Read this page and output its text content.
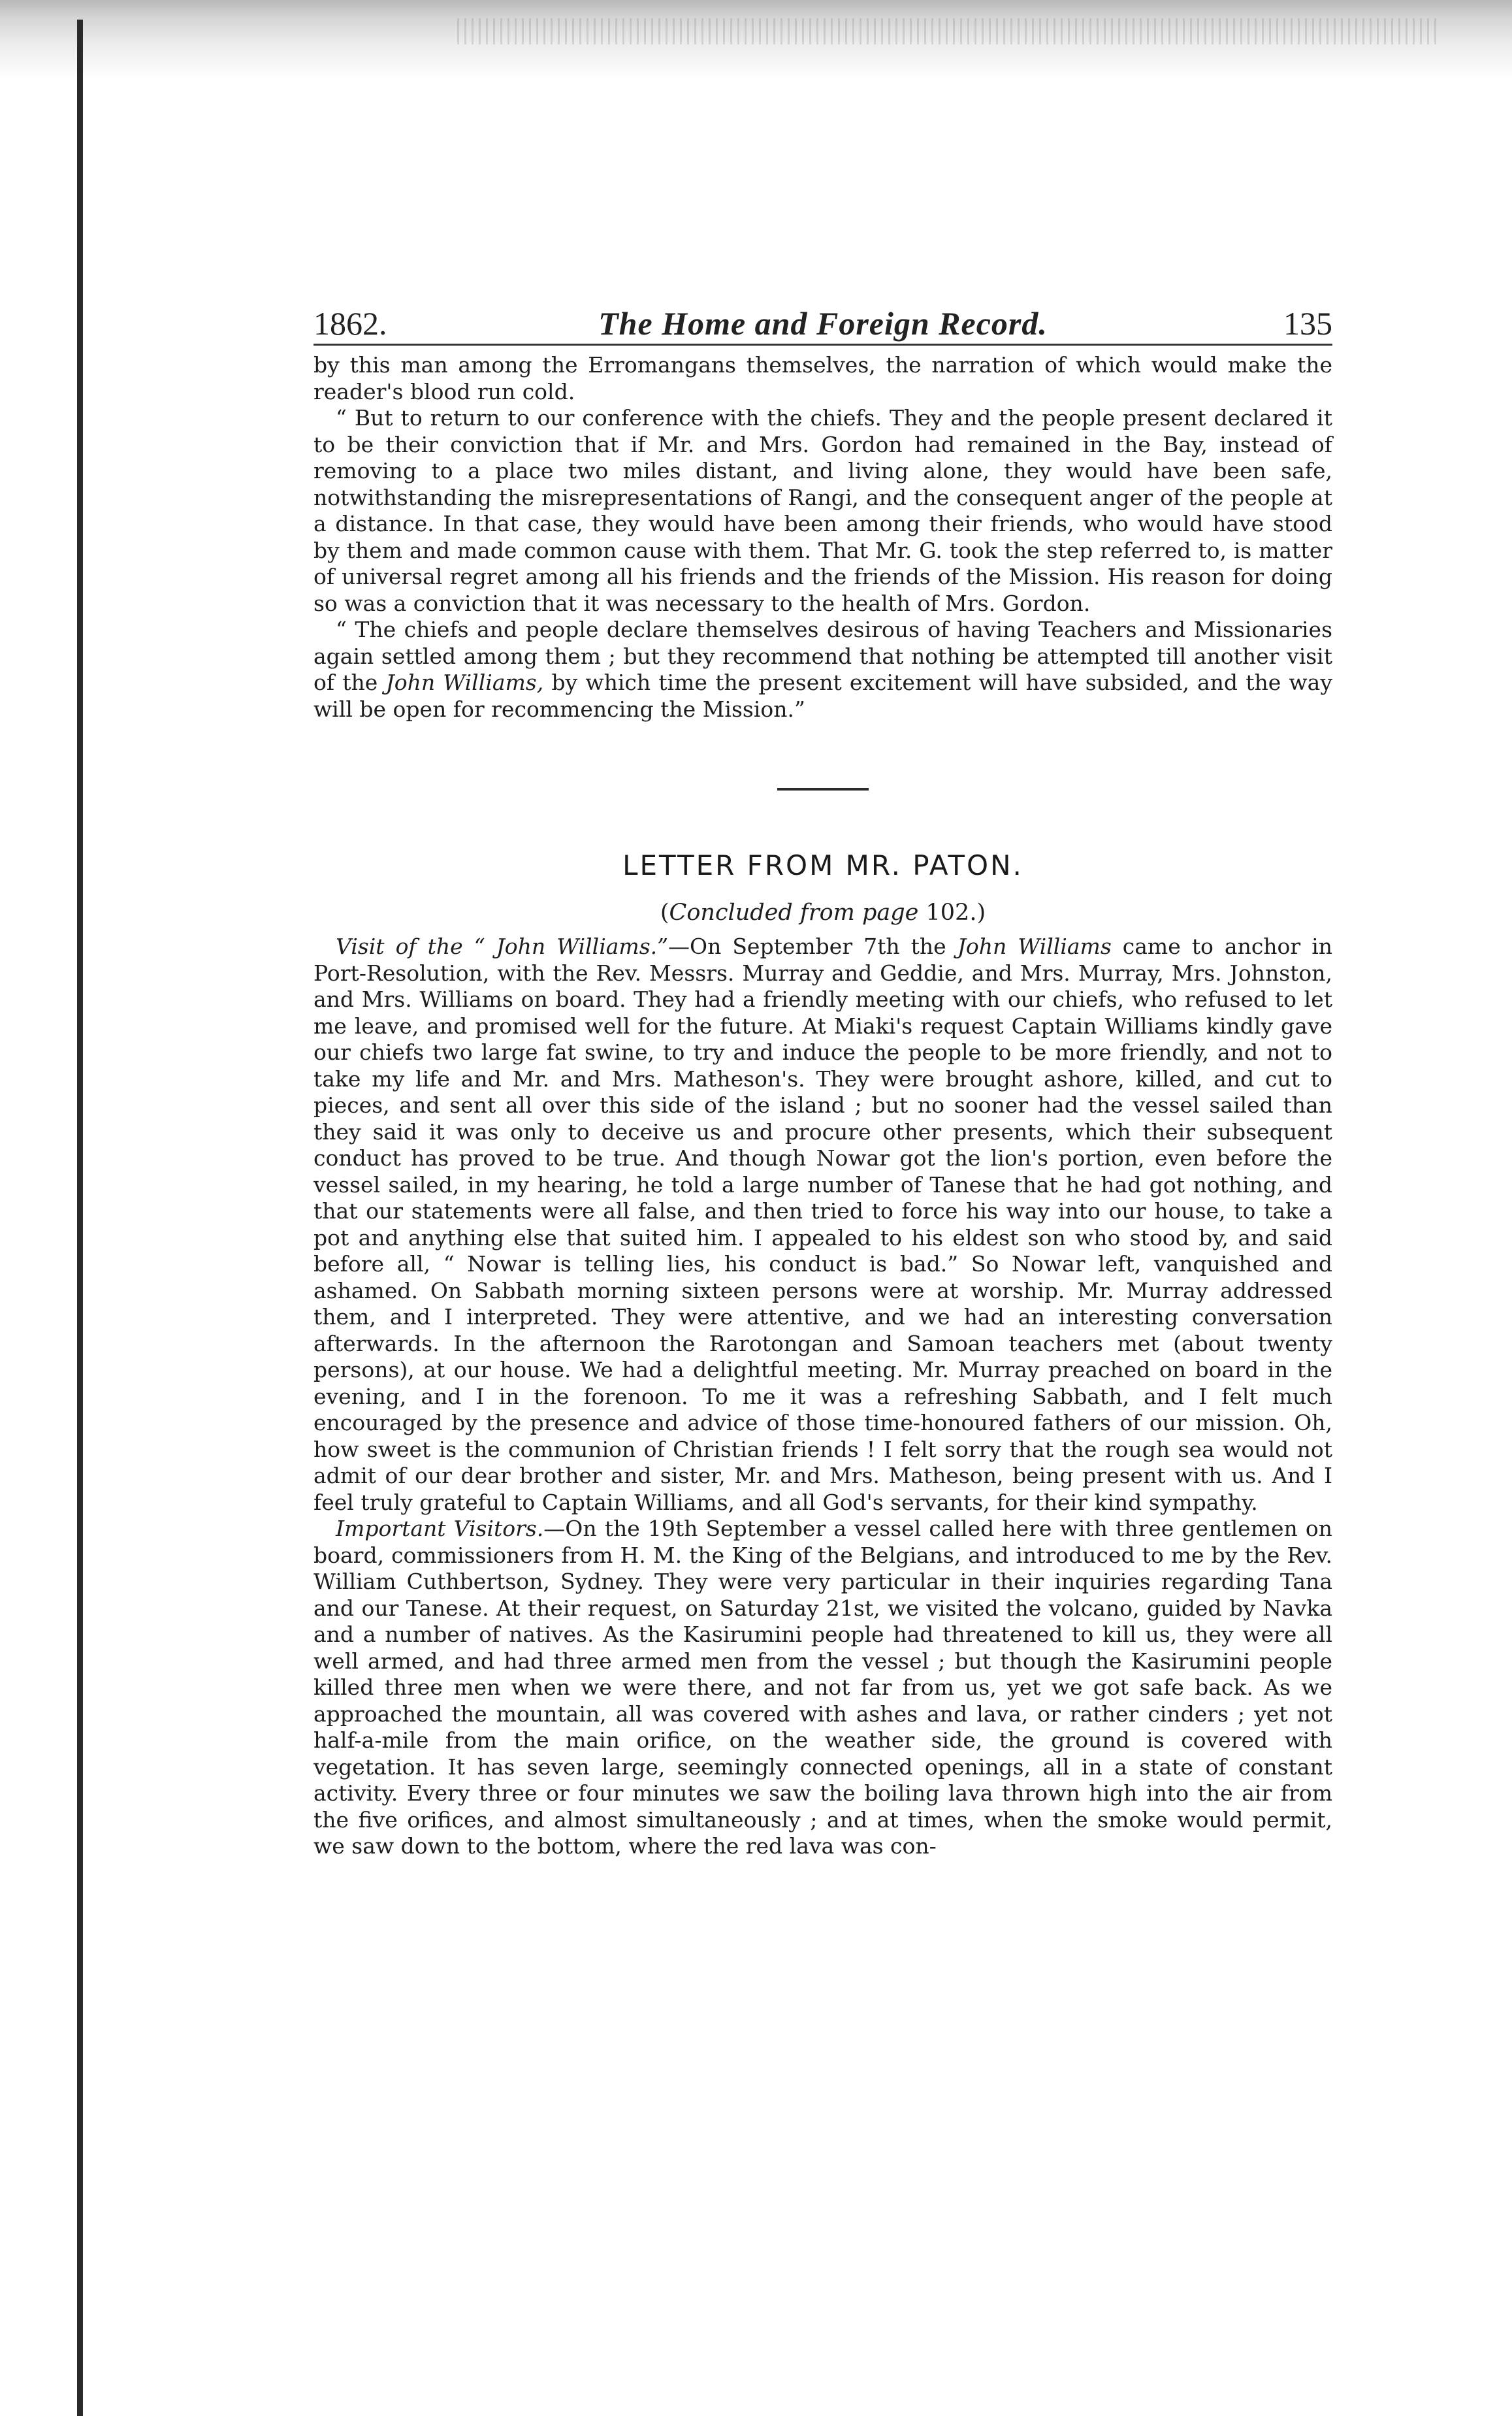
1862.	The Home and Foreign Record.	135

by this man among the Erromangans themselves, the narration of which would make the reader's blood run cold.

“ But to return to our conference with the chiefs. They and the people present declared it to be their conviction that if Mr. and Mrs. Gordon had remained in the Bay, instead of removing to a place two miles distant, and living alone, they would have been safe, notwithstanding the misrepresentations of Rangi, and the consequent anger of the people at a distance. In that case, they would have been among their friends, who would have stood by them and made common cause with them. That Mr. G. took the step referred to, is matter of universal regret among all his friends and the friends of the Mission. His reason for doing so was a conviction that it was necessary to the health of Mrs. Gordon.

“ The chiefs and people declare themselves desirous of having Teachers and Missionaries again settled among them ; but they recommend that nothing be attempted till another visit of the John Williams, by which time the present excitement will have subsided, and the way will be open for recommencing the Mission.”

LETTER FROM MR. PATON.
(Concluded from page 102.)

Visit of the “ John Williams.”—On September 7th the John Williams came to anchor in Port-Resolution, with the Rev. Messrs. Murray and Geddie, and Mrs. Murray, Mrs. Johnston, and Mrs. Williams on board. They had a friendly meeting with our chiefs, who refused to let me leave, and promised well for the future. At Miaki's request Captain Williams kindly gave our chiefs two large fat swine, to try and induce the people to be more friendly, and not to take my life and Mr. and Mrs. Matheson's. They were brought ashore, killed, and cut to pieces, and sent all over this side of the island ; but no sooner had the vessel sailed than they said it was only to deceive us and procure other presents, which their subsequent conduct has proved to be true. And though Nowar got the lion's portion, even before the vessel sailed, in my hearing, he told a large number of Tanese that he had got nothing, and that our statements were all false, and then tried to force his way into our house, to take a pot and anything else that suited him. I appealed to his eldest son who stood by, and said before all, “ Nowar is telling lies, his conduct is bad.” So Nowar left, vanquished and ashamed. On Sabbath morning sixteen persons were at worship. Mr. Murray addressed them, and I interpreted. They were attentive, and we had an interesting conversation afterwards. In the afternoon the Rarotongan and Samoan teachers met (about twenty persons), at our house. We had a delightful meeting. Mr. Murray preached on board in the evening, and I in the forenoon. To me it was a refreshing Sabbath, and I felt much encouraged by the presence and advice of those time-honoured fathers of our mission. Oh, how sweet is the communion of Christian friends ! I felt sorry that the rough sea would not admit of our dear brother and sister, Mr. and Mrs. Matheson, being present with us. And I feel truly grateful to Captain Williams, and all God's servants, for their kind sympathy.

Important Visitors.—On the 19th September a vessel called here with three gentlemen on board, commissioners from H. M. the King of the Belgians, and introduced to me by the Rev. William Cuthbertson, Sydney. They were very particular in their inquiries regarding Tana and our Tanese. At their request, on Saturday 21st, we visited the volcano, guided by Navka and a number of natives. As the Kasirumini people had threatened to kill us, they were all well armed, and had three armed men from the vessel ; but though the Kasirumini people killed three men when we were there, and not far from us, yet we got safe back. As we approached the mountain, all was covered with ashes and lava, or rather cinders ; yet not half-a-mile from the main orifice, on the weather side, the ground is covered with vegetation. It has seven large, seemingly connected openings, all in a state of constant activity. Every three or four minutes we saw the boiling lava thrown high into the air from the five orifices, and almost simultaneously ; and at times, when the smoke would permit, we saw down to the bottom, where the red lava was con-
